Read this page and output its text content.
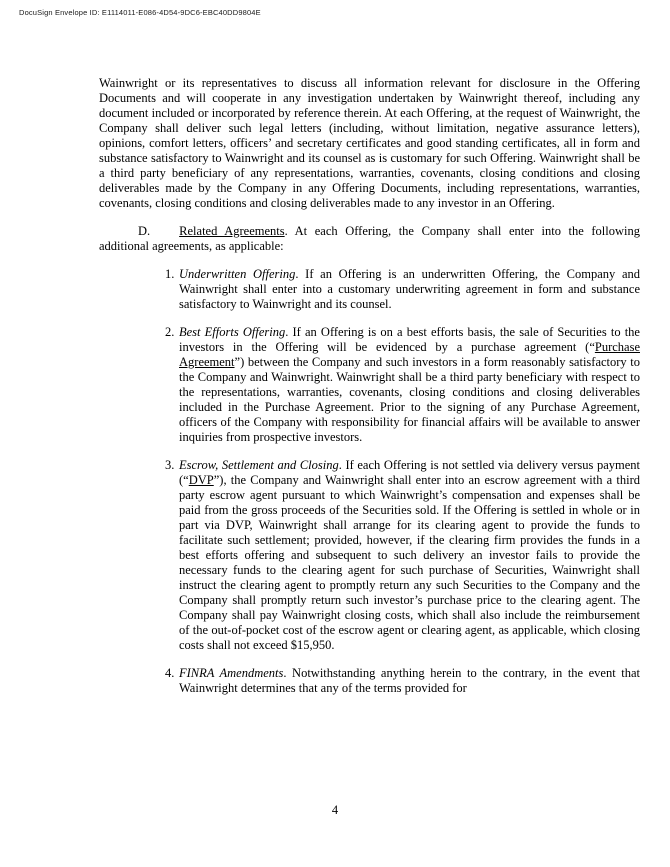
DocuSign Envelope ID: E1114011-E086-4D54-9DC6-EBC40DD9804E

Wainwright or its representatives to discuss all information relevant for disclosure in the Offering Documents and will cooperate in any investigation undertaken by Wainwright thereof, including any document included or incorporated by reference therein. At each Offering, at the request of Wainwright, the Company shall deliver such legal letters (including, without limitation, negative assurance letters), opinions, comfort letters, officers’ and secretary certificates and good standing certificates, all in form and substance satisfactory to Wainwright and its counsel as is customary for such Offering. Wainwright shall be a third party beneficiary of any representations, warranties, covenants, closing conditions and closing deliverables made by the Company in any Offering Documents, including representations, warranties, covenants, closing conditions and closing deliverables made to any investor in an Offering.

D. Related Agreements. At each Offering, the Company shall enter into the following additional agreements, as applicable:

1. Underwritten Offering. If an Offering is an underwritten Offering, the Company and Wainwright shall enter into a customary underwriting agreement in form and substance satisfactory to Wainwright and its counsel.
2. Best Efforts Offering. If an Offering is on a best efforts basis, the sale of Securities to the investors in the Offering will be evidenced by a purchase agreement (“Purchase Agreement”) between the Company and such investors in a form reasonably satisfactory to the Company and Wainwright. Wainwright shall be a third party beneficiary with respect to the representations, warranties, covenants, closing conditions and closing deliverables included in the Purchase Agreement. Prior to the signing of any Purchase Agreement, officers of the Company with responsibility for financial affairs will be available to answer inquiries from prospective investors.
3. Escrow, Settlement and Closing. If each Offering is not settled via delivery versus payment (“DVP”), the Company and Wainwright shall enter into an escrow agreement with a third party escrow agent pursuant to which Wainwright’s compensation and expenses shall be paid from the gross proceeds of the Securities sold. If the Offering is settled in whole or in part via DVP, Wainwright shall arrange for its clearing agent to provide the funds to facilitate such settlement; provided, however, if the clearing firm provides the funds in a best efforts offering and subsequent to such delivery an investor fails to provide the necessary funds to the clearing agent for such purchase of Securities, Wainwright shall instruct the clearing agent to promptly return any such Securities to the Company and the Company shall promptly return such investor’s purchase price to the clearing agent. The Company shall pay Wainwright closing costs, which shall also include the reimbursement of the out-of-pocket cost of the escrow agent or clearing agent, as applicable, which closing costs shall not exceed $15,950.
4. FINRA Amendments. Notwithstanding anything herein to the contrary, in the event that Wainwright determines that any of the terms provided for
4
